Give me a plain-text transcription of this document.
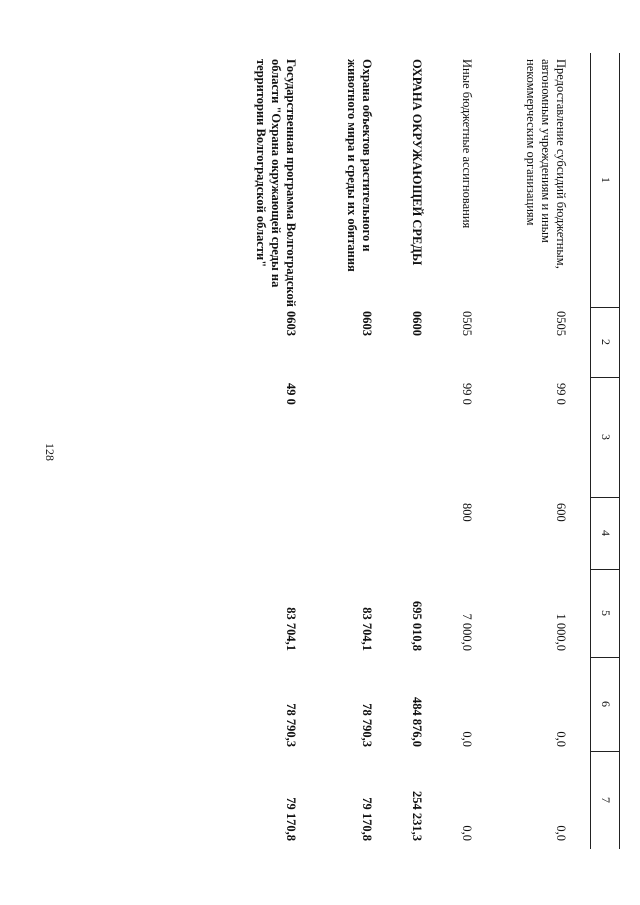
128
1
2
3
4
5
6
7
Предоставление субсидий бюджетным, автономным учреждениям и иным некоммерческим организациям
0505
99 0
600
1 000,0
0,0
0,0
Иные бюджетные ассигнования
0505
99 0
800
7 000,0
0,0
0,0
ОХРАНА ОКРУЖАЮЩЕЙ СРЕДЫ
0600
695 010,8
484 876,0
254 231,3
Охрана объектов растительного и животного мира и среды их обитания
0603
83 704,1
78 790,3
79 170,8
Государственная программа Волгоградской области "Охрана окружающей среды на территории Волгоградской области"
0603
49 0
83 704,1
78 790,3
79 170,8
